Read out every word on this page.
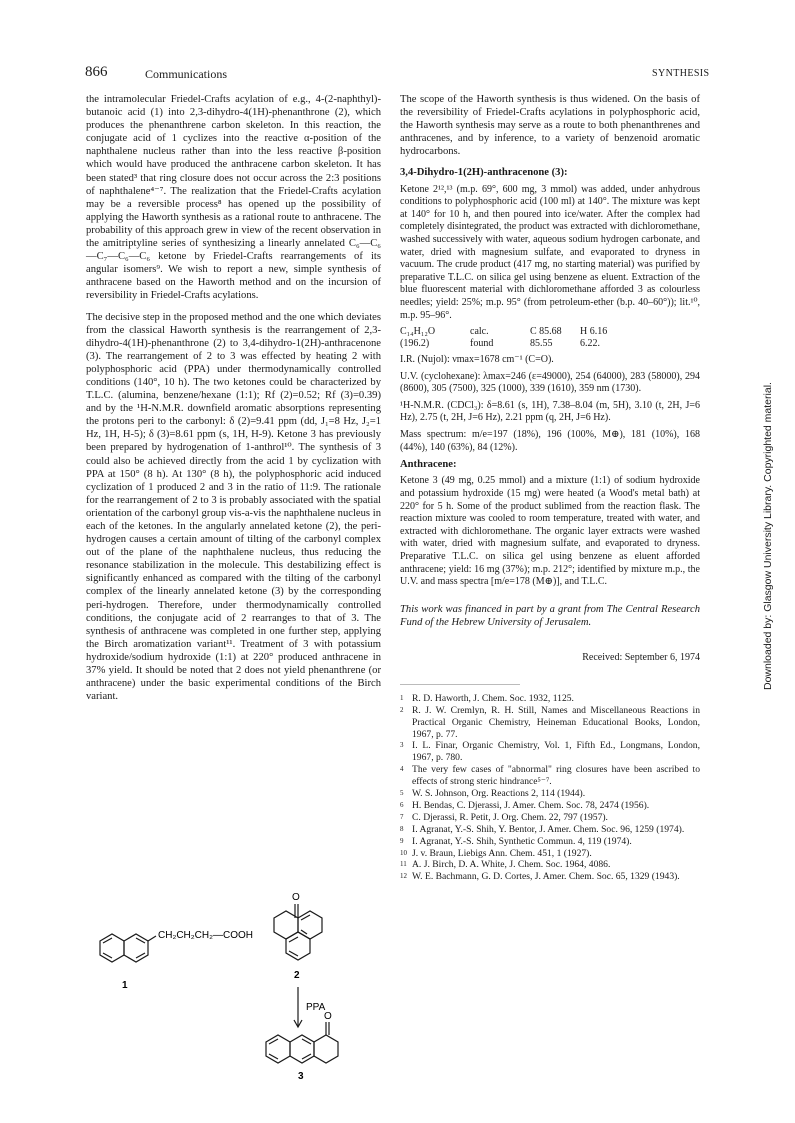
866	Communications	SYNTHESIS

the intramolecular Friedel-Crafts acylation of e.g., 4-(2-naphthyl)-butanoic acid (1) into 2,3-dihydro-4(1H)-phenanthrone (2), which produces the phenanthrene carbon skeleton. In this reaction, the conjugate acid of 1 cyclizes into the reactive α-position of the naphthalene nucleus rather than into the less reactive β-position which would have produced the anthracene carbon skeleton. It has been stated³ that ring closure does not occur across the 2:3 positions of naphthalene⁴⁻⁷. The realization that the Friedel-Crafts acylation may be a reversible process⁸ has opened up the possibility of applying the Haworth synthesis as a rational route to anthracene. The probability of this approach grew in view of the recent observation in the amitriptyline series of synthesizing a linearly annelated C₆—C₆—C₇—C₆—C₆ ketone by Friedel-Crafts rearrangements of its angular isomers⁹. We wish to report a new, simple synthesis of anthracene based on the Haworth method and on the incursion of reversibility in Friedel-Crafts acylations.

The decisive step in the proposed method and the one which deviates from the classical Haworth synthesis is the rearrangement of 2,3-dihydro-4(1H)-phenanthrone (2) to 3,4-dihydro-1(2H)-anthracenone (3). The rearrangement of 2 to 3 was effected by heating 2 with polyphosphoric acid (PPA) under thermodynamically controlled conditions (140°, 10 h). The two ketones could be characterized by T.L.C. (alumina, benzene/hexane (1:1); Rf (2)=0.52; Rf (3)=0.39) and by the ¹H-N.M.R. downfield aromatic absorptions representing the protons peri to the carbonyl: δ (2)=9.41 ppm (dd, J₁=8 Hz, J₂=1 Hz, 1H, H-5); δ (3)=8.61 ppm (s, 1H, H-9). Ketone 3 has previously been prepared by hydrogenation of 1-anthrol¹⁰. The synthesis of 3 could also be achieved directly from the acid 1 by cyclization with PPA at 150° (8 h). At 130° (8 h), the polyphosphoric acid induced cyclization of 1 produced 2 and 3 in the ratio of 11:9. The rationale for the rearrangement of 2 to 3 is probably associated with the spatial orientation of the carbonyl group vis-a-vis the naphthalene nucleus in each of the ketones. In the angularly annelated ketone (2), the peri-hydrogen causes a certain amount of tilting of the carbonyl complex out of the plane of the naphthalene nucleus, thus reducing the resonance stabilization in the molecule. This destabilizing effect is significantly enhanced as compared with the tilting of the carbonyl complex of the linearly annelated ketone (3) by the corresponding peri-hydrogen. Therefore, under thermodynamically controlled conditions, the conjugate acid of 2 rearranges to that of 3. The synthesis of anthracene was completed in one further step, applying the Birch aromatization variant¹¹. Treatment of 3 with potassium hydroxide/sodium hydroxide (1:1) at 220° produced anthracene in 37% yield. It should be noted that 2 does not yield phenanthrene (or anthracene) under the basic experimental conditions of the Birch variant.

The scope of the Haworth synthesis is thus widened. On the basis of the reversibility of Friedel-Crafts acylations in polyphosphoric acid, the Haworth synthesis may serve as a route to both phenanthrenes and anthracenes, and by inference, to a variety of benzenoid aromatic hydrocarbons.

3,4-Dihydro-1(2H)-anthracenone (3):
Ketone 2¹²,¹³ (m.p. 69°, 600 mg, 3 mmol) was added, under anhydrous conditions to polyphosphoric acid (100 ml) at 140°. The mixture was kept at 140° for 10 h, and then poured into ice/water. After the complex had completely disintegrated, the product was extracted with dichloromethane, washed successively with water, aqueous sodium hydrogen carbonate, and water, dried with magnesium sulfate, and evaporated to dryness in vacuum. The crude product (417 mg, no starting material) was purified by preparative T.L.C. on silica gel using benzene as eluent. Extraction of the blue fluorescent material with dichloromethane afforded 3 as colourless needles; yield: 25%; m.p. 95° (from petroleum-ether (b.p. 40–60°)); lit.¹⁰, m.p. 95–96°.
C₁₄H₁₂O	calc.	C 85.68	H 6.16
(196.2)	found	85.55	6.22.
I.R. (Nujol): νmax=1678 cm⁻¹ (C=O).
U.V. (cyclohexane): λmax=246 (ε=49000), 254 (64000), 283 (58000), 294 (8600), 305 (7500), 325 (1000), 339 (1610), 359 nm (1730).
¹H-N.M.R. (CDCl₃): δ=8.61 (s, 1H), 7.38–8.04 (m, 5H), 3.10 (t, 2H, J=6 Hz), 2.75 (t, 2H, J=6 Hz), 2.21 ppm (q, 2H, J=6 Hz).
Mass spectrum: m/e=197 (18%), 196 (100%, M⊕), 181 (10%), 168 (44%), 140 (63%), 84 (12%).
Anthracene:
Ketone 3 (49 mg, 0.25 mmol) and a mixture (1:1) of sodium hydroxide and potassium hydroxide (15 mg) were heated (a Wood's metal bath) at 220° for 5 h. Some of the product sublimed from the reaction flask. The reaction mixture was cooled to room temperature, treated with water, and extracted with dichloromethane. The organic layer extracts were washed with water, dried with magnesium sulfate, and evaporated to dryness. Preparative T.L.C. on silica gel using benzene as eluent afforded anthracene; yield: 16 mg (37%); m.p. 212°; identified by mixture m.p., the U.V. and mass spectra [m/e=178 (M⊕)], and T.L.C.
This work was financed in part by a grant from The Central Research Fund of the Hebrew University of Jerusalem.
Received: September 6, 1974
1 R. D. Haworth, J. Chem. Soc. 1932, 1125.
2 R. J. W. Cremlyn, R. H. Still, Names and Miscellaneous Reactions in Practical Organic Chemistry, Heineman Educational Books, London, 1967, p. 77.
3 I. L. Finar, Organic Chemistry, Vol. 1, Fifth Ed., Longmans, London, 1967, p. 780.
4 The very few cases of "abnormal" ring closures have been ascribed to effects of strong steric hindrance⁵⁻⁷.
5 W. S. Johnson, Org. Reactions 2, 114 (1944).
6 H. Bendas, C. Djerassi, J. Amer. Chem. Soc. 78, 2474 (1956).
7 C. Djerassi, R. Petit, J. Org. Chem. 22, 797 (1957).
8 I. Agranat, Y.-S. Shih, Y. Bentor, J. Amer. Chem. Soc. 96, 1259 (1974).
9 I. Agranat, Y.-S. Shih, Synthetic Commun. 4, 119 (1974).
10 J. v. Braun, Liebigs Ann. Chem. 451, 1 (1927).
11 A. J. Birch, D. A. White, J. Chem. Soc. 1964, 4086.
12 W. E. Bachmann, G. D. Cortes, J. Amer. Chem. Soc. 65, 1329 (1943).
Downloaded by: Glasgow University Library. Copyrighted material.
CH₂CH₂CH₂—COOH
1
O
2
PPA
O
3
